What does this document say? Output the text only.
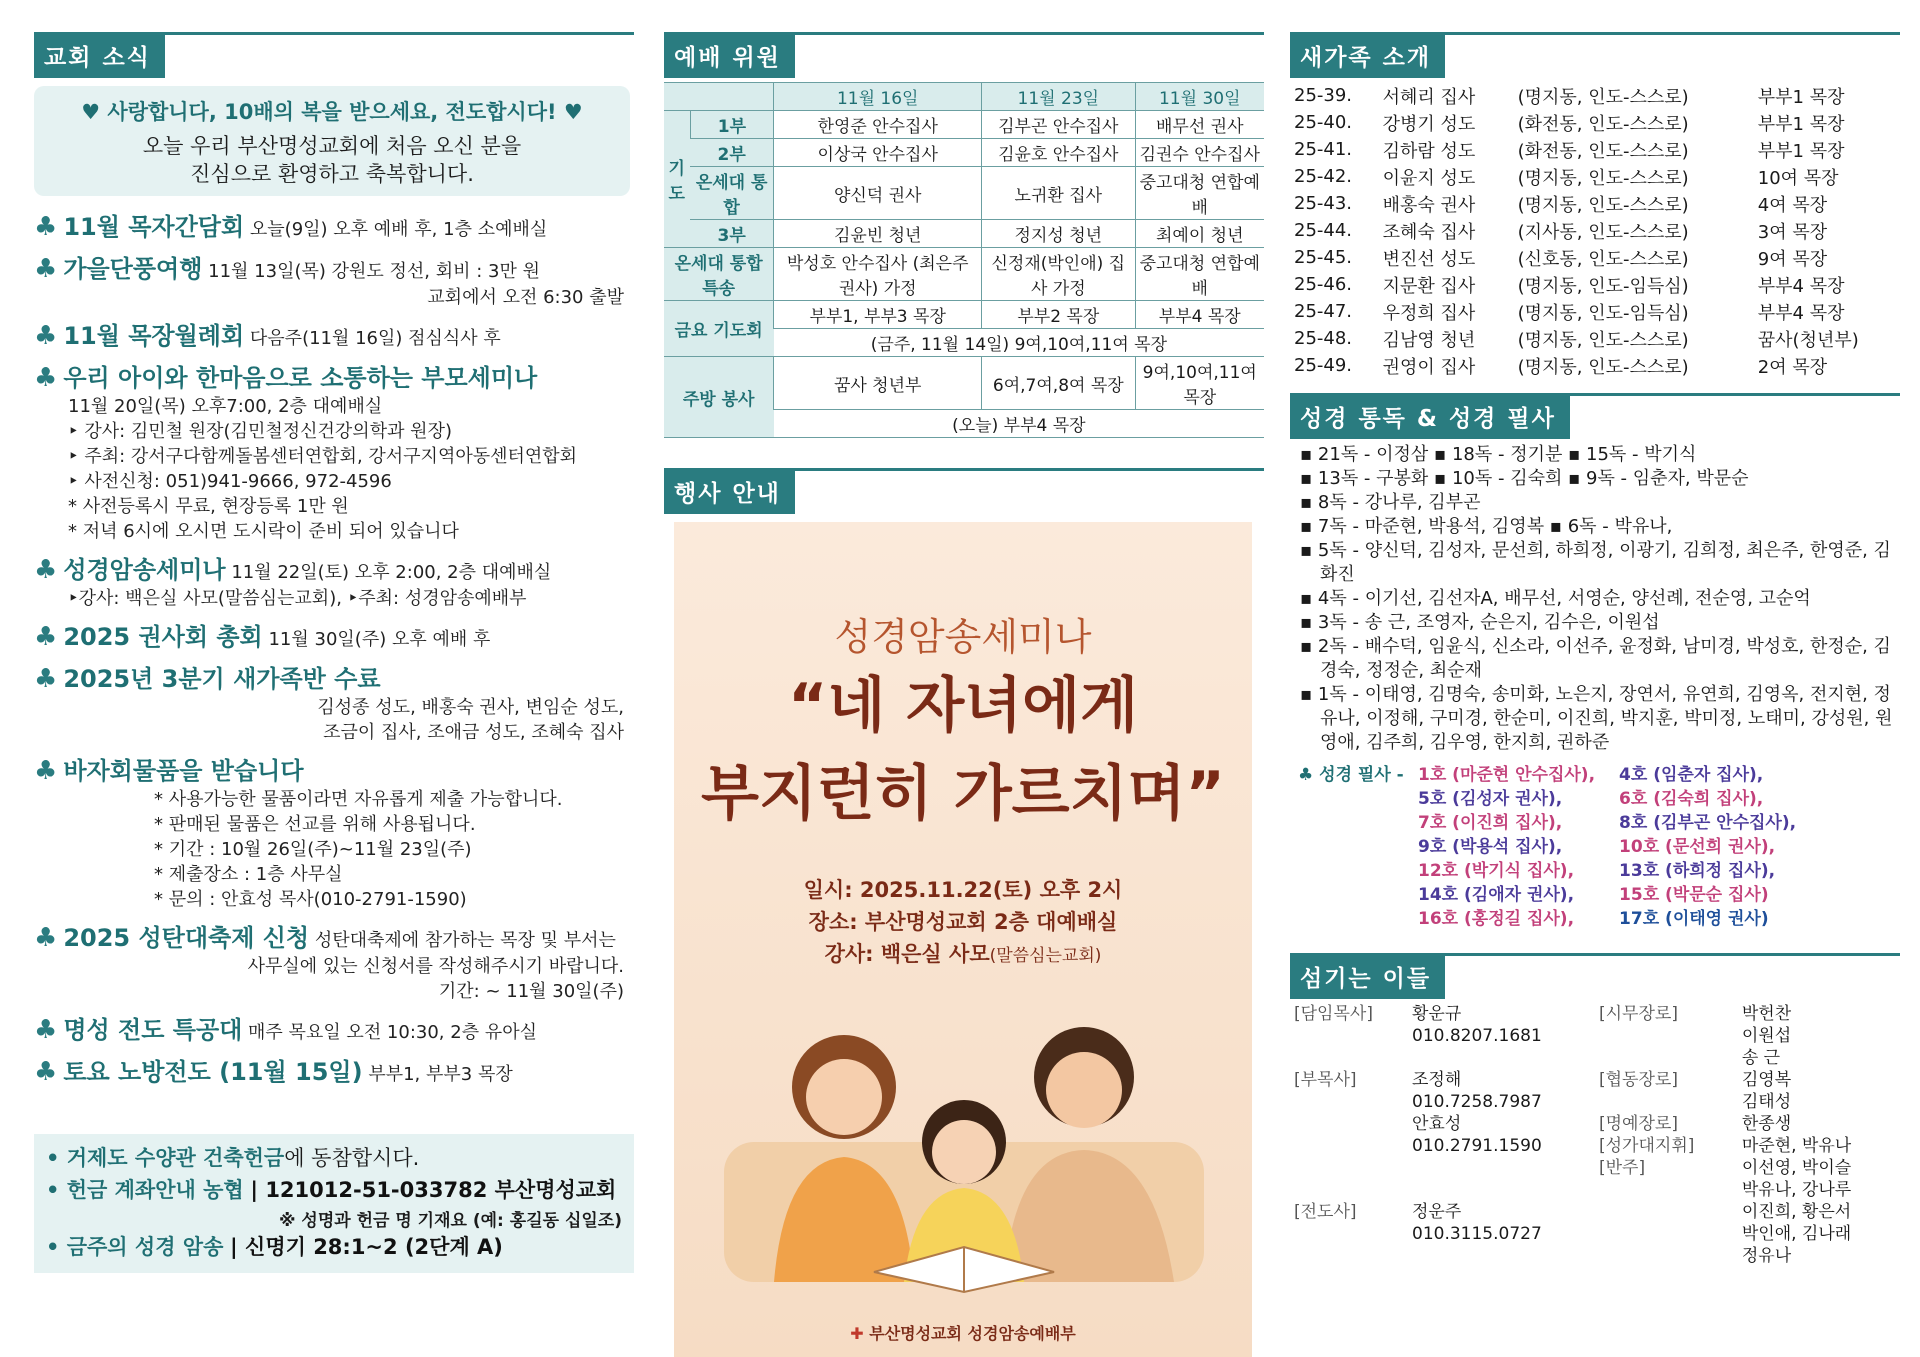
교회 소식
♥ 사랑합니다, 10배의 복을 받으세요, 전도합시다! ♥
오늘 우리 부산명성교회에 처음 오신 분을
진심으로 환영하고 축복합니다.
♣ 11월 목자간담회 오늘(9일) 오후 예배 후, 1층 소예배실
♣ 가을단풍여행 11월 13일(목) 강원도 정선, 회비 : 3만 원
교회에서 오전 6:30 출발
♣ 11월 목장월례회 다음주(11월 16일) 점심식사 후
♣ 우리 아이와 한마음으로 소통하는 부모세미나
11월 20일(목) 오후7:00, 2층 대예배실
‣ 강사: 김민철 원장(김민철정신건강의학과 원장)
‣ 주최: 강서구다함께돌봄센터연합회, 강서구지역아동센터연합회
‣ 사전신청: 051)941-9666, 972-4596
* 사전등록시 무료, 현장등록 1만 원
* 저녁 6시에 오시면 도시락이 준비 되어 있습니다
♣ 성경암송세미나 11월 22일(토) 오후 2:00, 2층 대예배실
‣강사: 백은실 사모(말씀심는교회), ‣주최: 성경암송예배부
♣ 2025 권사회 총회 11월 30일(주) 오후 예배 후
♣ 2025년 3분기 새가족반 수료
김성종 성도, 배홍숙 권사, 변임순 성도,
조금이 집사, 조애금 성도, 조혜숙 집사
♣ 바자회물품을 받습니다
* 사용가능한 물품이라면 자유롭게 제출 가능합니다.
* 판매된 물품은 선교를 위해 사용됩니다.
* 기간 : 10월 26일(주)~11월 23일(주)
* 제출장소 : 1층 사무실
* 문의 : 안효성 목사(010-2791-1590)
♣ 2025 성탄대축제 신청 성탄대축제에 참가하는 목장 및 부서는
사무실에 있는 신청서를 작성해주시기 바랍니다.
기간: ~ 11월 30일(주)
♣ 명성 전도 특공대 매주 목요일 오전 10:30, 2층 유아실
♣ 토요 노방전도 (11월 15일) 부부1, 부부3 목장
• 거제도 수양관 건축헌금에 동참합시다.
• 헌금 계좌안내 농협 | 121012-51-033782 부산명성교회
※ 성명과 헌금 명 기재요 (예: 홍길동 십일조)
• 금주의 성경 암송 | 신명기 28:1~2 (2단계 A)
예배 위원
		11월 16일	11월 23일	11월 30일
기도	1부	한영준 안수집사	김부곤 안수집사	배무선 권사
	2부	이상국 안수집사	김윤호 안수집사	김권수 안수집사
	온세대 통합	양신덕 권사	노귀환 집사	중고대청 연합예배
	3부	김윤빈 청년	정지성 청년	최예이 청년
온세대 통합 특송		박성호 안수집사 (최은주 권사) 가정	신정재(박인애) 집사 가정	중고대청 연합예배
금요 기도회		부부1, 부부3 목장	부부2 목장	부부4 목장
		(금주, 11월 14일) 9여,10여,11여 목장		
주방 봉사		꿈사 청년부	6여,7여,8여 목장	9여,10여,11여 목장
		(오늘) 부부4 목장		
행사 안내
성경암송세미나
“네 자녀에게
부지런히 가르치며”
일시: 2025.11.22(토) 오후 2시
장소: 부산명성교회 2층 대예배실
강사: 백은실 사모(말씀심는교회)
✚ 부산명성교회 성경암송예배부
새가족 소개
25-39.	서혜리 집사	(명지동, 인도-스스로)	부부1 목장
25-40.	강병기 성도	(화전동, 인도-스스로)	부부1 목장
25-41.	김하람 성도	(화전동, 인도-스스로)	부부1 목장
25-42.	이윤지 성도	(명지동, 인도-스스로)	10여 목장
25-43.	배홍숙 권사	(명지동, 인도-스스로)	4여 목장
25-44.	조혜숙 집사	(지사동, 인도-스스로)	3여 목장
25-45.	변진선 성도	(신호동, 인도-스스로)	9여 목장
25-46.	지문환 집사	(명지동, 인도-임득심)	부부4 목장
25-47.	우정희 집사	(명지동, 인도-임득심)	부부4 목장
25-48.	김남영 청년	(명지동, 인도-스스로)	꿈사(청년부)
25-49.	권영이 집사	(명지동, 인도-스스로)	2여 목장
성경 통독 & 성경 필사
▪ 21독 - 이정삼 ▪ 18독 - 정기분 ▪ 15독 - 박기식
▪ 13독 - 구봉화 ▪ 10독 - 김숙희 ▪ 9독 - 임춘자, 박문순
▪ 8독 - 강나루, 김부곤
▪ 7독 - 마준현, 박용석, 김영복 ▪ 6독 - 박유나,
▪ 5독 - 양신덕, 김성자, 문선희, 하희정, 이광기, 김희정, 최은주, 한영준, 김화진
▪ 4독 - 이기선, 김선자A, 배무선, 서영순, 양선례, 전순영, 고순억
▪ 3독 - 송 근, 조영자, 순은지, 김수은, 이원섭
▪ 2독 - 배수덕, 임윤식, 신소라, 이선주, 윤정화, 남미경, 박성호, 한정순, 김경숙, 정정순, 최순재
▪ 1독 - 이태영, 김명숙, 송미화, 노은지, 장연서, 유연희, 김영옥, 전지현, 정유나, 이정해, 구미경, 한순미, 이진희, 박지훈, 박미정, 노태미, 강성원, 원영애, 김주희, 김우영, 한지희, 권하준
♣ 성경 필사 - 1호 (마준현 안수집사),	4호 (임춘자 집사),
5호 (김성자 권사),	6호 (김숙희 집사),
7호 (이진희 집사),	8호 (김부곤 안수집사),
9호 (박용석 집사),	10호 (문선희 권사),
12호 (박기식 집사),	13호 (하희정 집사),
14호 (김애자 권사),	15호 (박문순 집사)
16호 (홍정길 집사),	17호 (이태영 권사)
섬기는 이들
[담임목사]	황운규
010.8207.1681

[부목사]	조정해
010.7258.7987
안효성
010.2791.1590

[전도사]	정운주
010.3115.0727
[시무장로]	박헌찬
이원섭
송 근

[협동장로]	김영복
김태성

[명예장로]	한종생

[성가대지휘]	마준현, 박유나

[반주]	이선영, 박이슬
박유나, 강나루
이진희, 황은서
박인애, 김나래
정유나
